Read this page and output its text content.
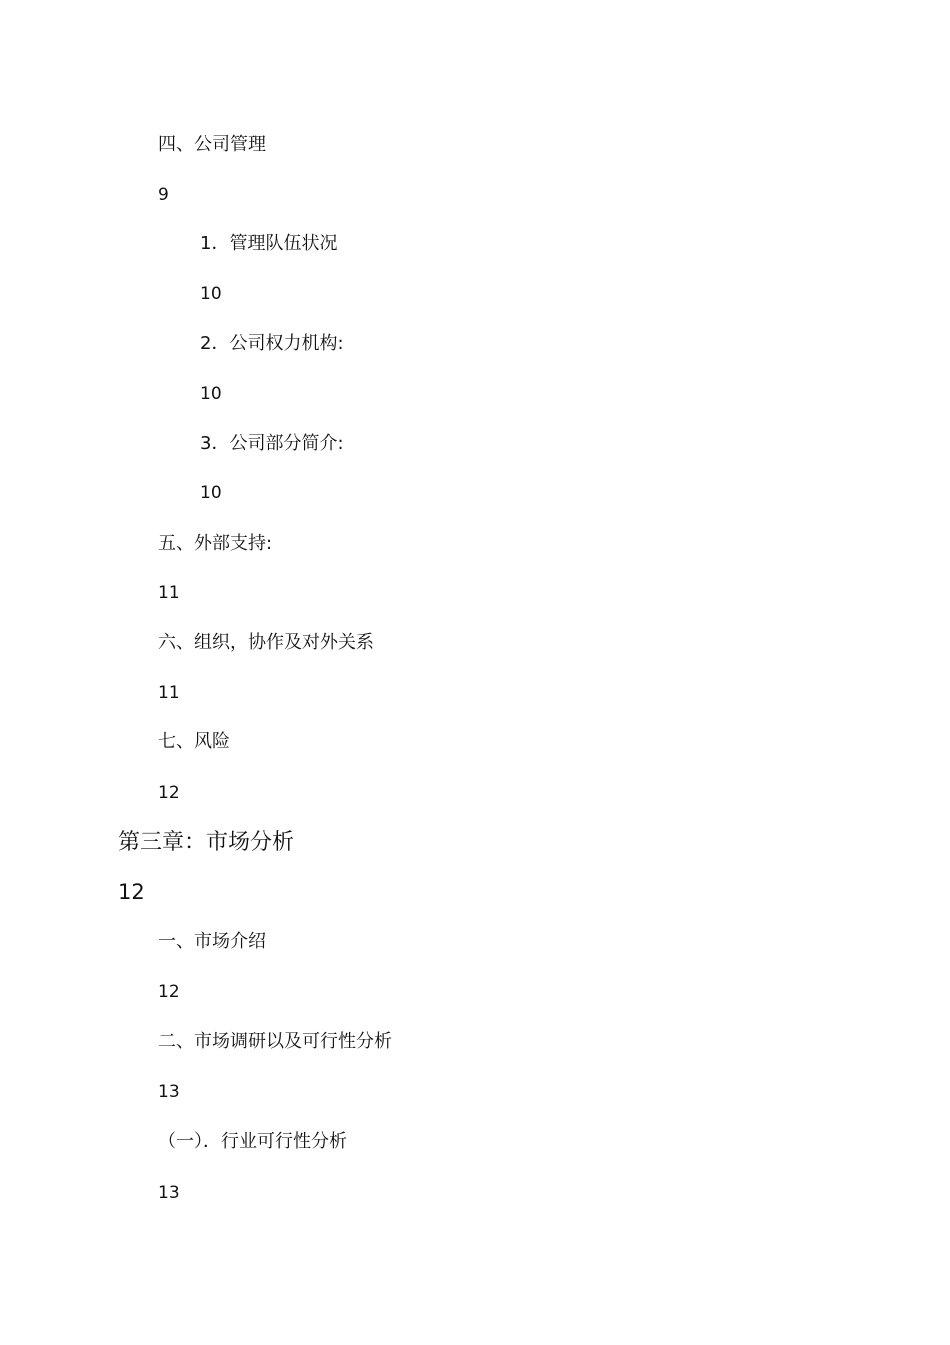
四、公司管理
9
1．管理队伍状况
10
2．公司权力机构:
10
3．公司部分简介:
10
五、外部支持:
11
六、组织，协作及对外关系
11
七、风险
12
第三章：市场分析
12
一、市场介绍
12
二、市场调研以及可行性分析
13
（一）．行业可行性分析
13
